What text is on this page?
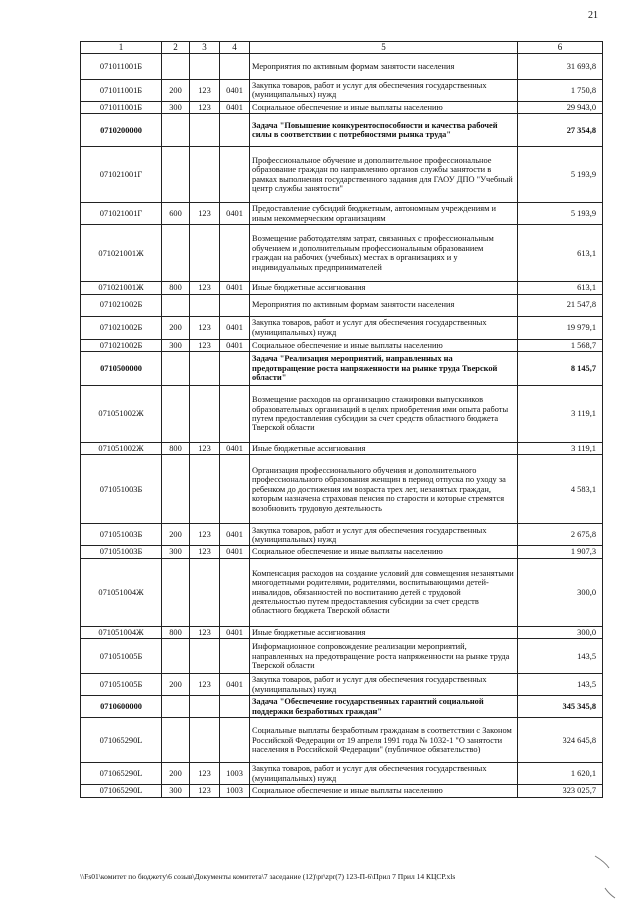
21
1	2	3	4	5	6
071011001Б				Мероприятия по активным формам занятости населения	31 693,8
071011001Б	200	123	0401	Закупка товаров, работ и услуг для обеспечения государственных (муниципальных) нужд	1 750,8
071011001Б	300	123	0401	Социальное обеспечение и иные выплаты населению	29 943,0
0710200000				Задача "Повышение конкурентоспособности и качества рабочей силы в соответствии с потребностями рынка труда"	27 354,8
071021001Г				Профессиональное обучение и дополнительное профессиональное образование граждан по направлению органов службы занятости в рамках выполнения государственного задания для ГАОУ ДПО "Учебный центр службы занятости"	5 193,9
071021001Г	600	123	0401	Предоставление субсидий бюджетным, автономным учреждениям и иным некоммерческим организациям	5 193,9
071021001Ж				Возмещение работодателям затрат, связанных с профессиональным обучением и дополнительным профессиональным образованием граждан на рабочих (учебных) местах в организациях и у индивидуальных предпринимателей	613,1
071021001Ж	800	123	0401	Иные бюджетные ассигнования	613,1
071021002Б				Мероприятия по активным формам занятости населения	21 547,8
071021002Б	200	123	0401	Закупка товаров, работ и услуг для обеспечения государственных (муниципальных) нужд	19 979,1
071021002Б	300	123	0401	Социальное обеспечение и иные выплаты населению	1 568,7
0710500000				Задача "Реализация мероприятий, направленных на предотвращение роста напряженности на рынке труда Тверской области"	8 145,7
071051002Ж				Возмещение расходов на организацию стажировки выпускников образовательных организаций в целях приобретения ими опыта работы путем предоставления субсидии за счет средств областного бюджета Тверской области	3 119,1
071051002Ж	800	123	0401	Иные бюджетные ассигнования	3 119,1
071051003Б				Организация профессионального обучения и дополнительного профессионального образования женщин в период отпуска по уходу за ребенком до достижения им возраста трех лет, незанятых граждан, которым назначена страховая пенсия по старости и которые стремятся возобновить трудовую деятельность	4 583,1
071051003Б	200	123	0401	Закупка товаров, работ и услуг для обеспечения государственных (муниципальных) нужд	2 675,8
071051003Б	300	123	0401	Социальное обеспечение и иные выплаты населению	1 907,3
071051004Ж				Компенсация расходов на создание условий для совмещения незанятыми многодетными родителями, родителями, воспитывающими детей-инвалидов, обязанностей по воспитанию детей с трудовой деятельностью путем предоставления субсидии за счет средств областного бюджета Тверской области	300,0
071051004Ж	800	123	0401	Иные бюджетные ассигнования	300,0
071051005Б				Информационное сопровождение реализации мероприятий, направленных на предотвращение роста напряженности на рынке труда Тверской области	143,5
071051005Б	200	123	0401	Закупка товаров, работ и услуг для обеспечения государственных (муниципальных) нужд	143,5
0710600000				Задача "Обеспечение государственных гарантий социальной поддержки безработных граждан"	345 345,8
071065290L				Социальные выплаты безработным гражданам в соответствии с Законом Российской Федерации от 19 апреля 1991 года № 1032-1 "О занятости населения в Российской Федерации" (публичное обязательство)	324 645,8
071065290L	200	123	1003	Закупка товаров, работ и услуг для обеспечения государственных (муниципальных) нужд	1 620,1
071065290L	300	123	1003	Социальное обеспечение и иные выплаты населению	323 025,7
\\Fs01\комитет по бюджету\6 созыв\Документы комитета\7 заседание (12)\pr\zpr(7) 123-П-6\Прил 7 Прил 14 КЦСР.xls
